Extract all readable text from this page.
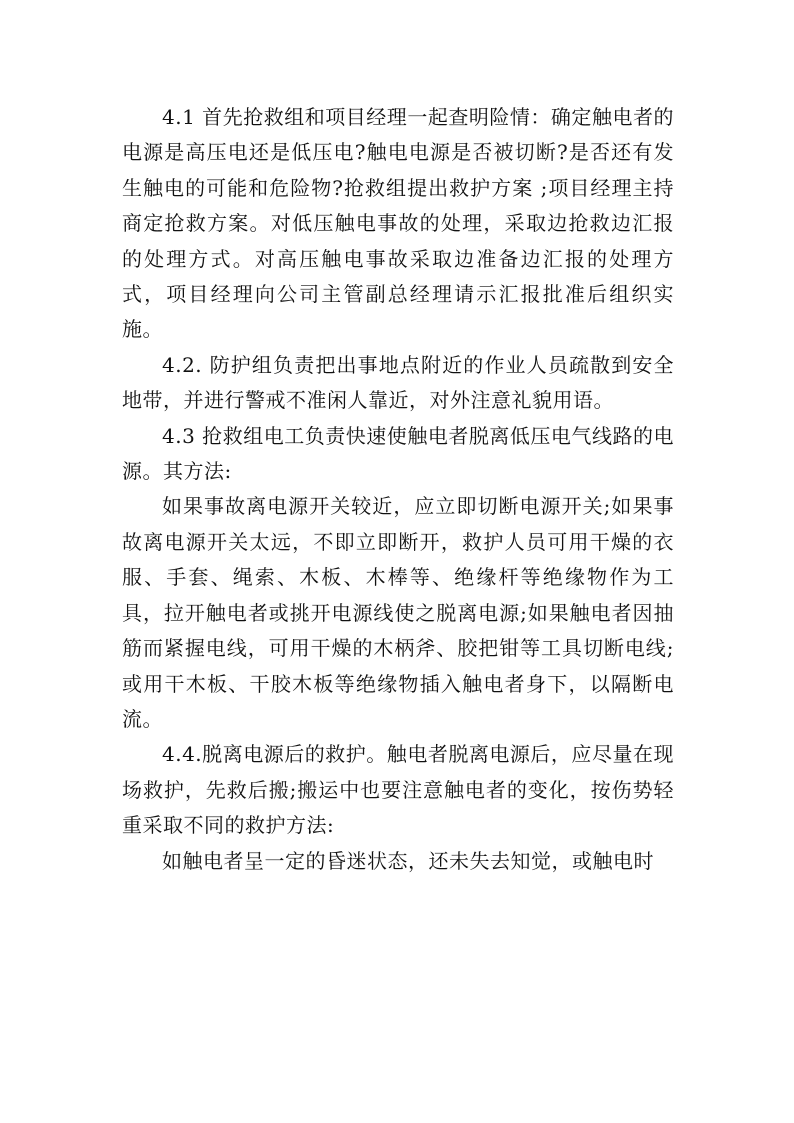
4.1 首先抢救组和项目经理一起查明险情：确定触电者的电源是高压电还是低压电?触电电源是否被切断?是否还有发生触电的可能和危险物?抢救组提出救护方案 ;项目经理主持商定抢救方案。对低压触电事故的处理，采取边抢救边汇报的处理方式。对高压触电事故采取边准备边汇报的处理方式，项目经理向公司主管副总经理请示汇报批准后组织实施。

4.2. 防护组负责把出事地点附近的作业人员疏散到安全地带，并进行警戒不准闲人靠近，对外注意礼貌用语。

4.3 抢救组电工负责快速使触电者脱离低压电气线路的电源。其方法:

如果事故离电源开关较近，应立即切断电源开关;如果事故离电源开关太远，不即立即断开，救护人员可用干燥的衣服、手套、绳索、木板、木棒等、绝缘杆等绝缘物作为工具，拉开触电者或挑开电源线使之脱离电源;如果触电者因抽筋而紧握电线，可用干燥的木柄斧、胶把钳等工具切断电线;或用干木板、干胶木板等绝缘物插入触电者身下，以隔断电流。

4.4.脱离电源后的救护。触电者脱离电源后，应尽量在现场救护，先救后搬;搬运中也要注意触电者的变化，按伤势轻重采取不同的救护方法:

如触电者呈一定的昏迷状态，还未失去知觉，或触电时
